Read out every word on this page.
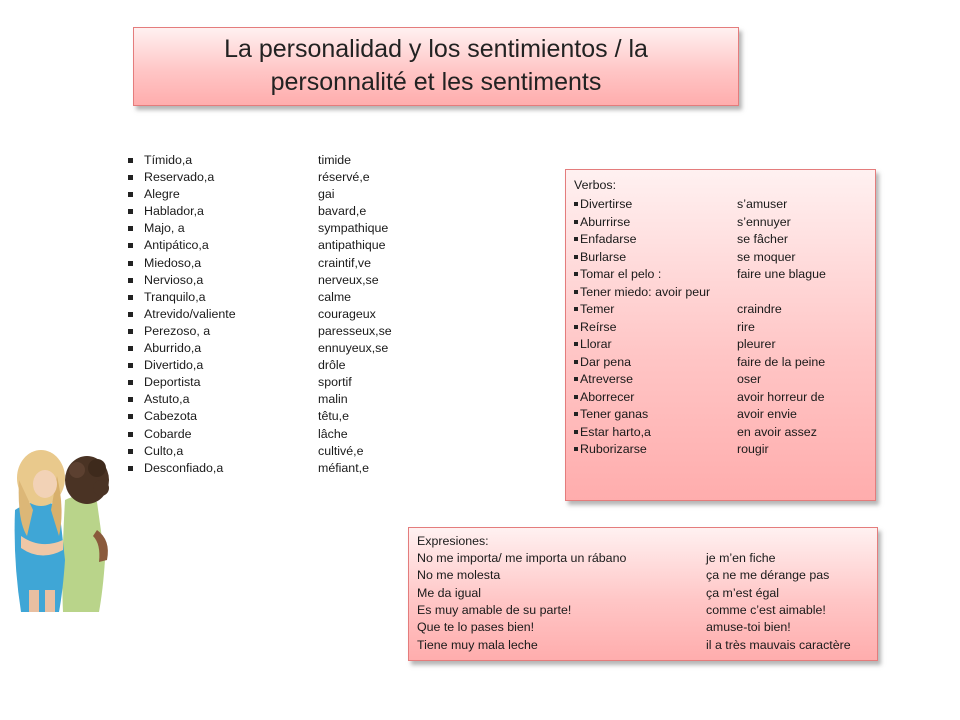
La personalidad y los sentimientos / la
personnalité et les sentiments
Tímido,a	timide
Reservado,a	réservé,e
Alegre	gai
Hablador,a	bavard,e
Majo, a	sympathique
Antipático,a	antipathique
Miedoso,a	craintif,ve
Nervioso,a	nerveux,se
Tranquilo,a	calme
Atrevido/valiente	courageux
Perezoso, a	paresseux,se
Aburrido,a	ennuyeux,se
Divertido,a	drôle
Deportista	sportif
Astuto,a	malin
Cabezota	têtu,e
Cobarde	lâche
Culto,a	cultivé,e
Desconfiado,a	méfiant,e
Verbos:
Divertirse	s’amuser
Aburrirse	s’ennuyer
Enfadarse	se fâcher
Burlarse	se moquer
Tomar el pelo :	faire une blague
Tener miedo: avoir peur
Temer	craindre
Reírse	rire
Llorar	pleurer
Dar pena	faire de la peine
Atreverse	oser
Aborrecer	avoir horreur de
Tener ganas	avoir envie
Estar harto,a	en avoir assez
Ruborizarse	rougir
Expresiones:
No me importa/ me importa un rábano	je m’en fiche
No me molesta	ça ne me dérange pas
Me da igual	ça m’est égal
Es muy amable de su parte!	comme c’est aimable!
Que te lo pases bien!	amuse-toi bien!
Tiene muy mala leche	il a très mauvais caractère
